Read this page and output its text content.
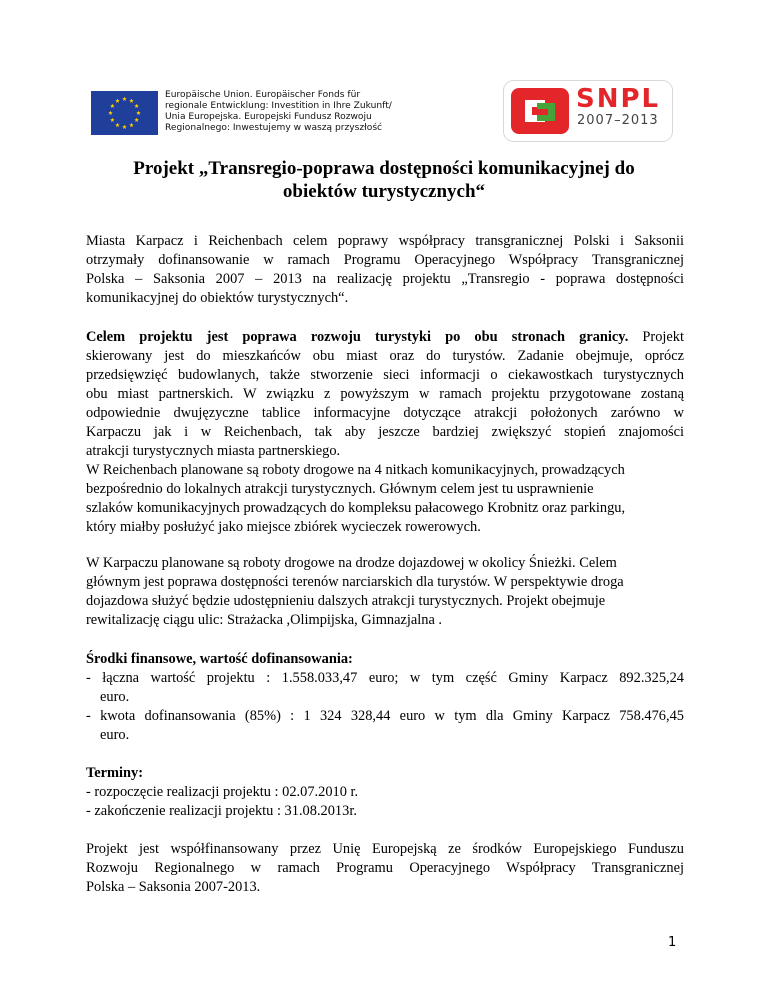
Europäische Union. Europäischer Fonds für
regionale Entwicklung: Investition in Ihre Zukunft/
Unia Europejska. Europejski Fundusz Rozwoju
Regionalnego: Inwestujemy w waszą przyszłość
SNPL
2007–2013
Projekt „Transregio-poprawa dostępności komunikacyjnej do
obiektów turystycznych“
Miasta Karpacz i Reichenbach celem poprawy współpracy transgranicznej Polski i Saksonii
otrzymały dofinansowanie w ramach Programu Operacyjnego Współpracy Transgranicznej
Polska – Saksonia 2007 – 2013 na realizację projektu „Transregio - poprawa dostępności
komunikacyjnej do obiektów turystycznych“.
Celem projektu jest poprawa rozwoju turystyki po obu stronach granicy. Projekt
skierowany jest do mieszkańców obu miast oraz do turystów. Zadanie obejmuje, oprócz
przedsięwzięć budowlanych, także stworzenie sieci informacji o ciekawostkach turystycznych
obu miast partnerskich. W związku z powyższym w ramach projektu przygotowane zostaną
odpowiednie dwujęzyczne tablice informacyjne dotyczące atrakcji położonych zarówno w
Karpaczu jak i w Reichenbach, tak aby jeszcze bardziej zwiększyć stopień znajomości
atrakcji turystycznych miasta partnerskiego.
W Reichenbach planowane są roboty drogowe na 4 nitkach komunikacyjnych, prowadzących
bezpośrednio do lokalnych atrakcji turystycznych. Głównym celem jest tu usprawnienie
szlaków komunikacyjnych prowadzących do kompleksu pałacowego Krobnitz oraz parkingu,
który miałby posłużyć jako miejsce zbiórek wycieczek rowerowych.
W Karpaczu planowane są roboty drogowe na drodze dojazdowej w okolicy Śnieżki. Celem
głównym jest poprawa dostępności terenów narciarskich dla turystów. W perspektywie droga
dojazdowa służyć będzie udostępnieniu dalszych atrakcji turystycznych. Projekt obejmuje
rewitalizację ciągu ulic: Strażacka ,Olimpijska, Gimnazjalna .
Środki finansowe, wartość dofinansowania:
- łączna wartość projektu : 1.558.033,47 euro; w tym część Gminy Karpacz 892.325,24
euro.
- kwota dofinansowania (85%) : 1 324 328,44 euro w tym dla Gminy Karpacz 758.476,45
euro.
Terminy:
- rozpoczęcie realizacji projektu : 02.07.2010 r.
- zakończenie realizacji projektu : 31.08.2013r.
Projekt jest współfinansowany przez Unię Europejską ze środków Europejskiego Funduszu
Rozwoju Regionalnego w ramach Programu Operacyjnego Współpracy Transgranicznej
Polska – Saksonia 2007-2013.
1
